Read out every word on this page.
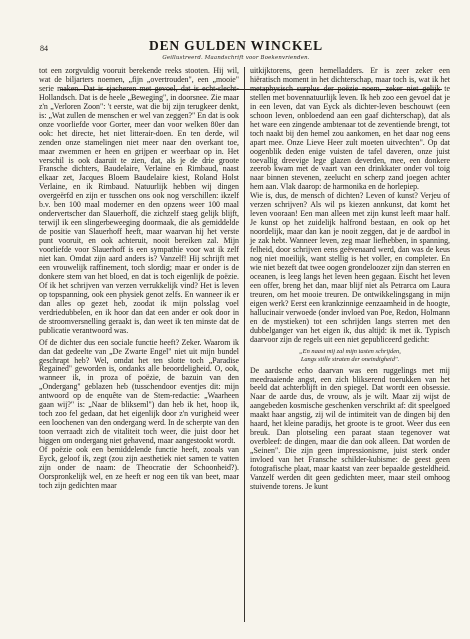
84	DEN GULDEN WINCKEL
Geillustreerd. Maandschrift voor Boekenvrienden.

tot een zorgvuldig vooruit berekende reeks stooten. Hij wil, wat de biljarters noemen, „fijn „overtrouden", een „mooie" serie maken. Dat is sjacheren met gevoel, dat is echt-slecht-Hollandsch. Dat is de heele „Beweging", in doorsnee. Zie maar z'n „Verloren Zoon": 't eerste, wat die bij zijn terugkeer denkt, is: „Wat zullen de menschen er wel van zeggen?" En dat is ook onze voorliefde voor Gorter, meer dan voor welken 80er dan ook: het directe, het niet litterair-doen. En ten derde, wil zenden onze stamelingen niet meer naar den overkant toe, maar zwemmen er heen en grijpen er weerbaar op in. Het verschil is ook daaruit te zien, dat, als je de drie groote Fransche dichters, Baudelaire, Verlaine en Rimbaud, naast elkaar zet, Jacques Bloem Baudelaire kiest, Roland Holst Verlaine, en ik Rimbaud. Natuurlijk hebben wij dingen overgeërfd en zijn er tusschen ons ook nog verschillen: ikzelf b.v. ben 100 maal moderner en den opzens weer 100 maal ondervertscher dan Slauerhoff, die zichzelf staeg gelijk blijft, terwijl ik een slingerbeweeging doormaak, die als gemiddelde de positie van Slauerhoff heeft, maar waarvan hij het verste punt vooruit, en ook achteruit, nooit bereiken zal. Mijn voorliefde voor Slauerhoff is een sympathie voor wat ik zelf niet kan. Omdat zijn aard anders is? Vanzelf! Hij schrijft met een vrouwelijk raffinement, toch slordig; maar er onder is de donkere stem van het bloed, en dat is toch eigenlijk de poëzie. Of ik het schrijven van verzen verrukkelijk vind? Het is leven op topspanning, ook een physiek genot zelfs. En wanneer ik er dan alles op gezet heb, zoodat ik mijn polsslag voel verdriedubbelen, en ik hoor dan dat een ander er ook door in de stroomversnelling geraakt is, dan weet ik ten minste dat de publicatie verantwoord was.

Of de dichter dus een sociale functie heeft? Zeker. Waarom ik dan dat gedeelte van „De Zwarte Engel" niet uit mijn bundel geschrapt heb? Wel, omdat het ten slotte toch „Paradise Regained" geworden is, ondanks alle beoordeligheid. O, ook, wanneer ik, in proza of poëzie, de bazuin van den „Ondergang" geblazen heb (tusschendoor eventjes dit: mijn antwoord op de enquête van de Stem-redactie: „Waarheen gaan wij?" is: „Naar de blikseml") dan heb ik het, hoop ik, toch zoo fel gedaan, dat het eigenlijk door z'n vurigheid weer een loochenen van den ondergang werd. In de scherpte van den toon verraadt zich de vitaliteit toch weer, die juist door het higgen om ondergang niet gehavend, maar aangestookt wordt.

Of poëzie ook een bemiddelende functie heeft, zooals van Eyck, geloof ik, zegt (zou zijn aesthetiek niet samen te vatten zijn onder de naam: de Theocratie der Schoonheid?). Oorspronkelijk wel, en ze heeft er nog een tik van beet, maar toch zijn gedichten maar

uitkijktorens, geen hemelladders. Er is zeer zeker een hiëratisch moment in het dichterschap, maar toch is, wat ik het metaphysisch surplus der poëzie noem, zeker niet gelijk te stellen met bovennatuurlijk leven. Ik heb zoo een gevoel dat je in een leven, dat van Eyck als dichter-leven beschouwt (een schoon leven, onbloedend aan een gaaf dichterschap), dat als het ware een zingende ambtenaar tot de zeventiende brengt, tot toch naakt bij den hemel zou aankomen, en het daar nog eens apart mee. Onze Lieve Heer zult moeten uitvechten". Op dat oogenblik deden enige vuisten de tafel daveren, onze juist toevallig dreevige lege glazen deverden, mee, een donkere zeerob kwam met de vaart van een drinkkater onder vol toig naar binnen stevenen, zeelucht en scherp zand joegen achter hem aan. Vlak daarop: de harmonika en de horlepiep.

Wie is, dus, de mensch of dichten? Leven of kunst? Verjeu of verzen schrijven? Als wil ps kiezen annkunst, dat komt het leven vooraan! Een man alleen met zijn kunst leeft maar half. Je kunst op het zuidelijk halfrond bestaan, en ook op het noordelijk, maar dan kan je nooit zeggen, dat je de aardbol in je zak hebt. Wanneer leven, zeg maar liefhebben, in spanning, felheid, door schrijven eens geëvenaard werd, dan was de keus nog niet moeilijk, want stellig is het voller, en completer. En wie niet bezeft dat twee oogen grondeloozer zijn dan sterren en oceanen, is leeg langs het leven heen gegaan. Eischt het leven een offer, breng het dan, maar blijf niet als Petrarca om Laura treuren, om het mooie treuren. De ontwikkelingsgang in mijn eigen werk? Eerst een krankzinnige eenzaamheid in de hoogte, hallucinair verwoede (onder invloed van Poe, Redon, Holmann en de mystieken) tot een schrijden langs sterren met den dubbelganger van het eigen ik, dus altijd: ik met ik. Typisch daarvoor zijn de regels uit een niet gepubliceerd gedicht:

„En naast mij zal mijn tasten schrijden,
Langs stille straten der oneindigheid".

De aardsche echo daarvan was een ruggelings met mij meedraaiende angst, een zich blikserend toerukken van het beeld dat achterblijft in den spiegel. Dat wordt een obsessie. Naar de aarde dus, de vrouw, als je wilt. Maar zij wijst de aangebeden kosmische geschenken verschrikt af: dit speelgoed maakt haar angstig, zij wil de intimiteit van de dingen bij den haard, het kleine paradijs, het groote is te groot. Weer dus een breuk. Dan plotseling een paraat staan tegenover wat overbleef: de dingen, maar die dan ook alleen. Dat worden de „Seinen". Die zijn geen impressionisme, juist sterk onder invloed van het Fransche schilder-kubisme: de geest geen fotografische plaat, maar kaatst van zeer bepaalde gesteldheid. Vanzelf werden dit geen gedichten meer, maar steil omhoog stuivende torens. Je kunt
